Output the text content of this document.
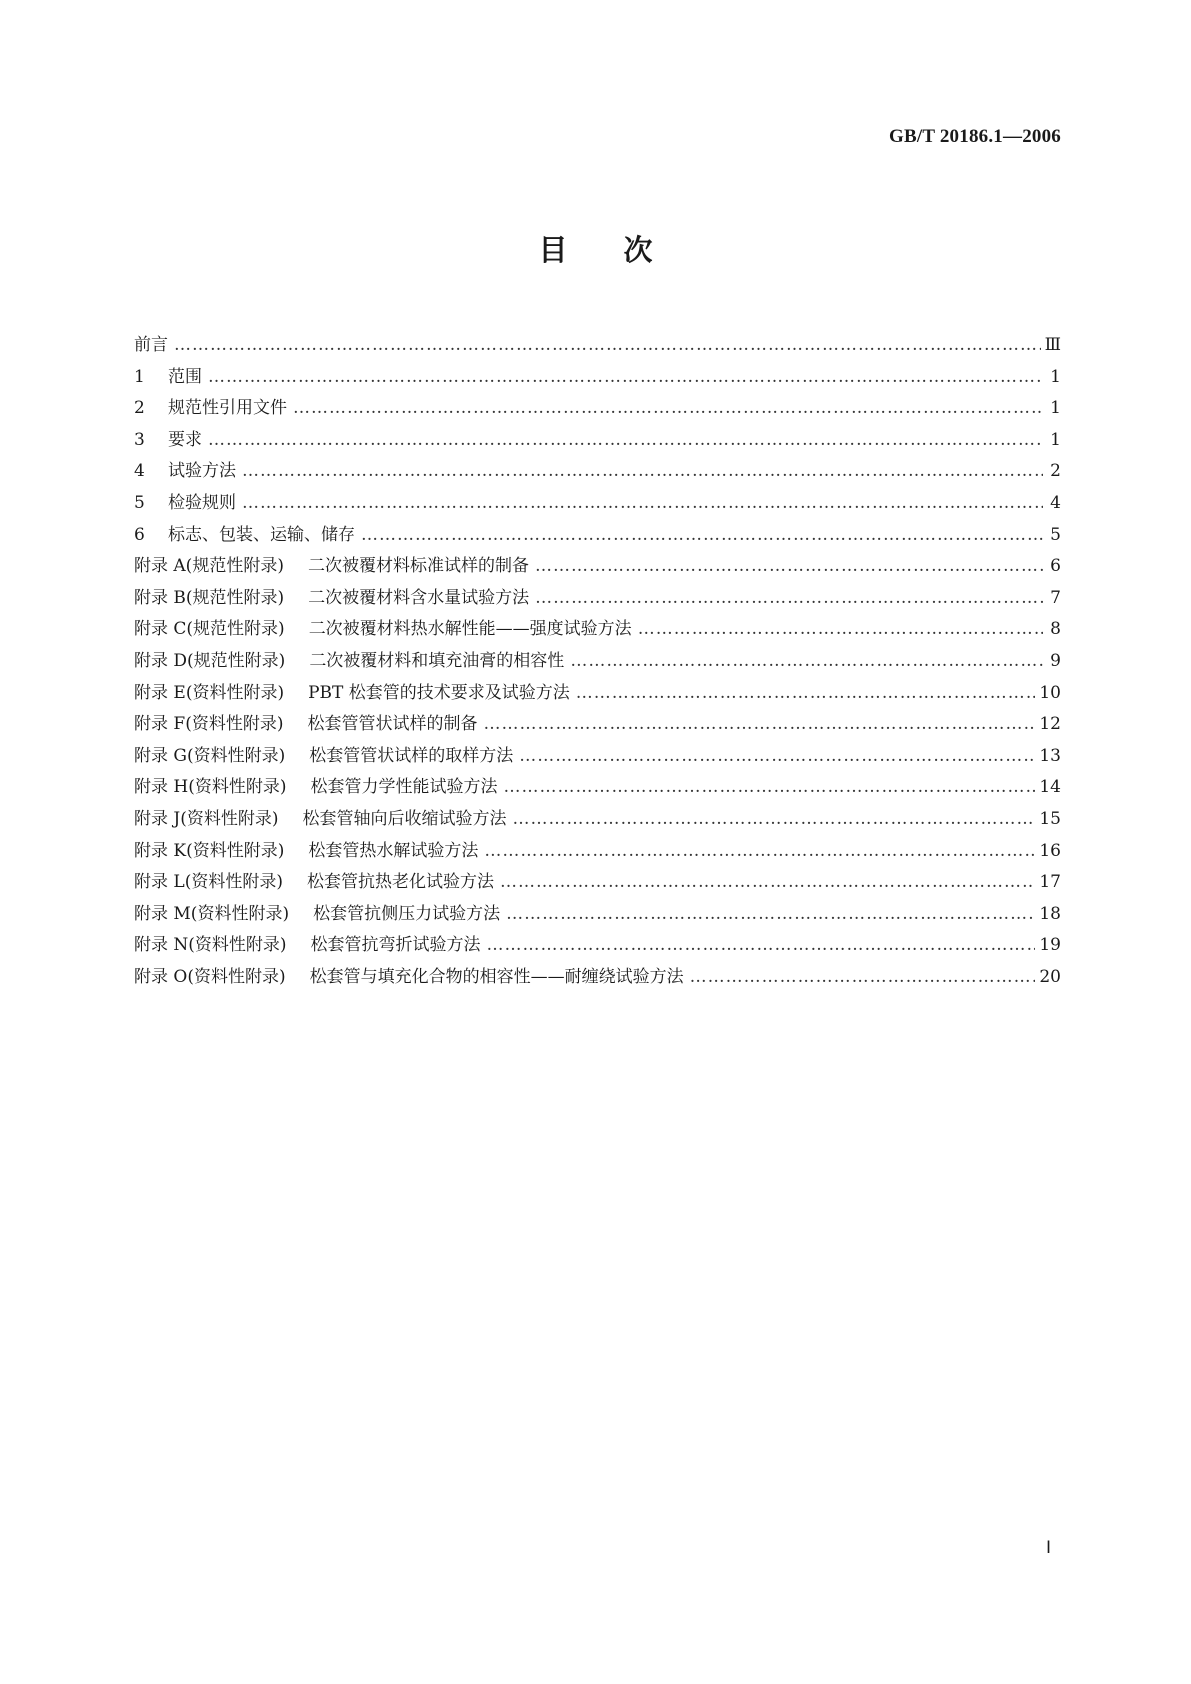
GB/T 20186.1—2006
目 次
前言 …………………………………………………………………………………………………………………………………………………………………………………………………	Ⅲ
1	范围 …………………………………………………………………………………………………………………………………………………………………………………………………	1
2	规范性引用文件 …………………………………………………………………………………………………………………………………………………………………………………………………	1
3	要求 …………………………………………………………………………………………………………………………………………………………………………………………………	1
4	试验方法 …………………………………………………………………………………………………………………………………………………………………………………………………	2
5	检验规则 …………………………………………………………………………………………………………………………………………………………………………………………………	4
6	标志、包装、运输、储存 …………………………………………………………………………………………………………………………………………………………………………………………………	5
附录 A(规范性附录) 二次被覆材料标准试样的制备 …………………………………………………………………………………………………………………………………………………………………………………………………	6
附录 B(规范性附录) 二次被覆材料含水量试验方法 …………………………………………………………………………………………………………………………………………………………………………………………………	7
附录 C(规范性附录) 二次被覆材料热水解性能——强度试验方法 …………………………………………………………………………………………………………………………………………………………………………………………………	8
附录 D(规范性附录) 二次被覆材料和填充油膏的相容性 …………………………………………………………………………………………………………………………………………………………………………………………………	9
附录 E(资料性附录) PBT 松套管的技术要求及试验方法 …………………………………………………………………………………………………………………………………………………………………………………………………	10
附录 F(资料性附录) 松套管管状试样的制备 …………………………………………………………………………………………………………………………………………………………………………………………………	12
附录 G(资料性附录) 松套管管状试样的取样方法 …………………………………………………………………………………………………………………………………………………………………………………………………	13
附录 H(资料性附录) 松套管力学性能试验方法 …………………………………………………………………………………………………………………………………………………………………………………………………	14
附录 J(资料性附录) 松套管轴向后收缩试验方法 …………………………………………………………………………………………………………………………………………………………………………………………………	15
附录 K(资料性附录) 松套管热水解试验方法 …………………………………………………………………………………………………………………………………………………………………………………………………	16
附录 L(资料性附录) 松套管抗热老化试验方法 …………………………………………………………………………………………………………………………………………………………………………………………………	17
附录 M(资料性附录) 松套管抗侧压力试验方法 …………………………………………………………………………………………………………………………………………………………………………………………………	18
附录 N(资料性附录) 松套管抗弯折试验方法 …………………………………………………………………………………………………………………………………………………………………………………………………	19
附录 O(资料性附录) 松套管与填充化合物的相容性——耐缠绕试验方法 …………………………………………………………………………………………………………………………………………………………………………………………………	20
Ⅰ
